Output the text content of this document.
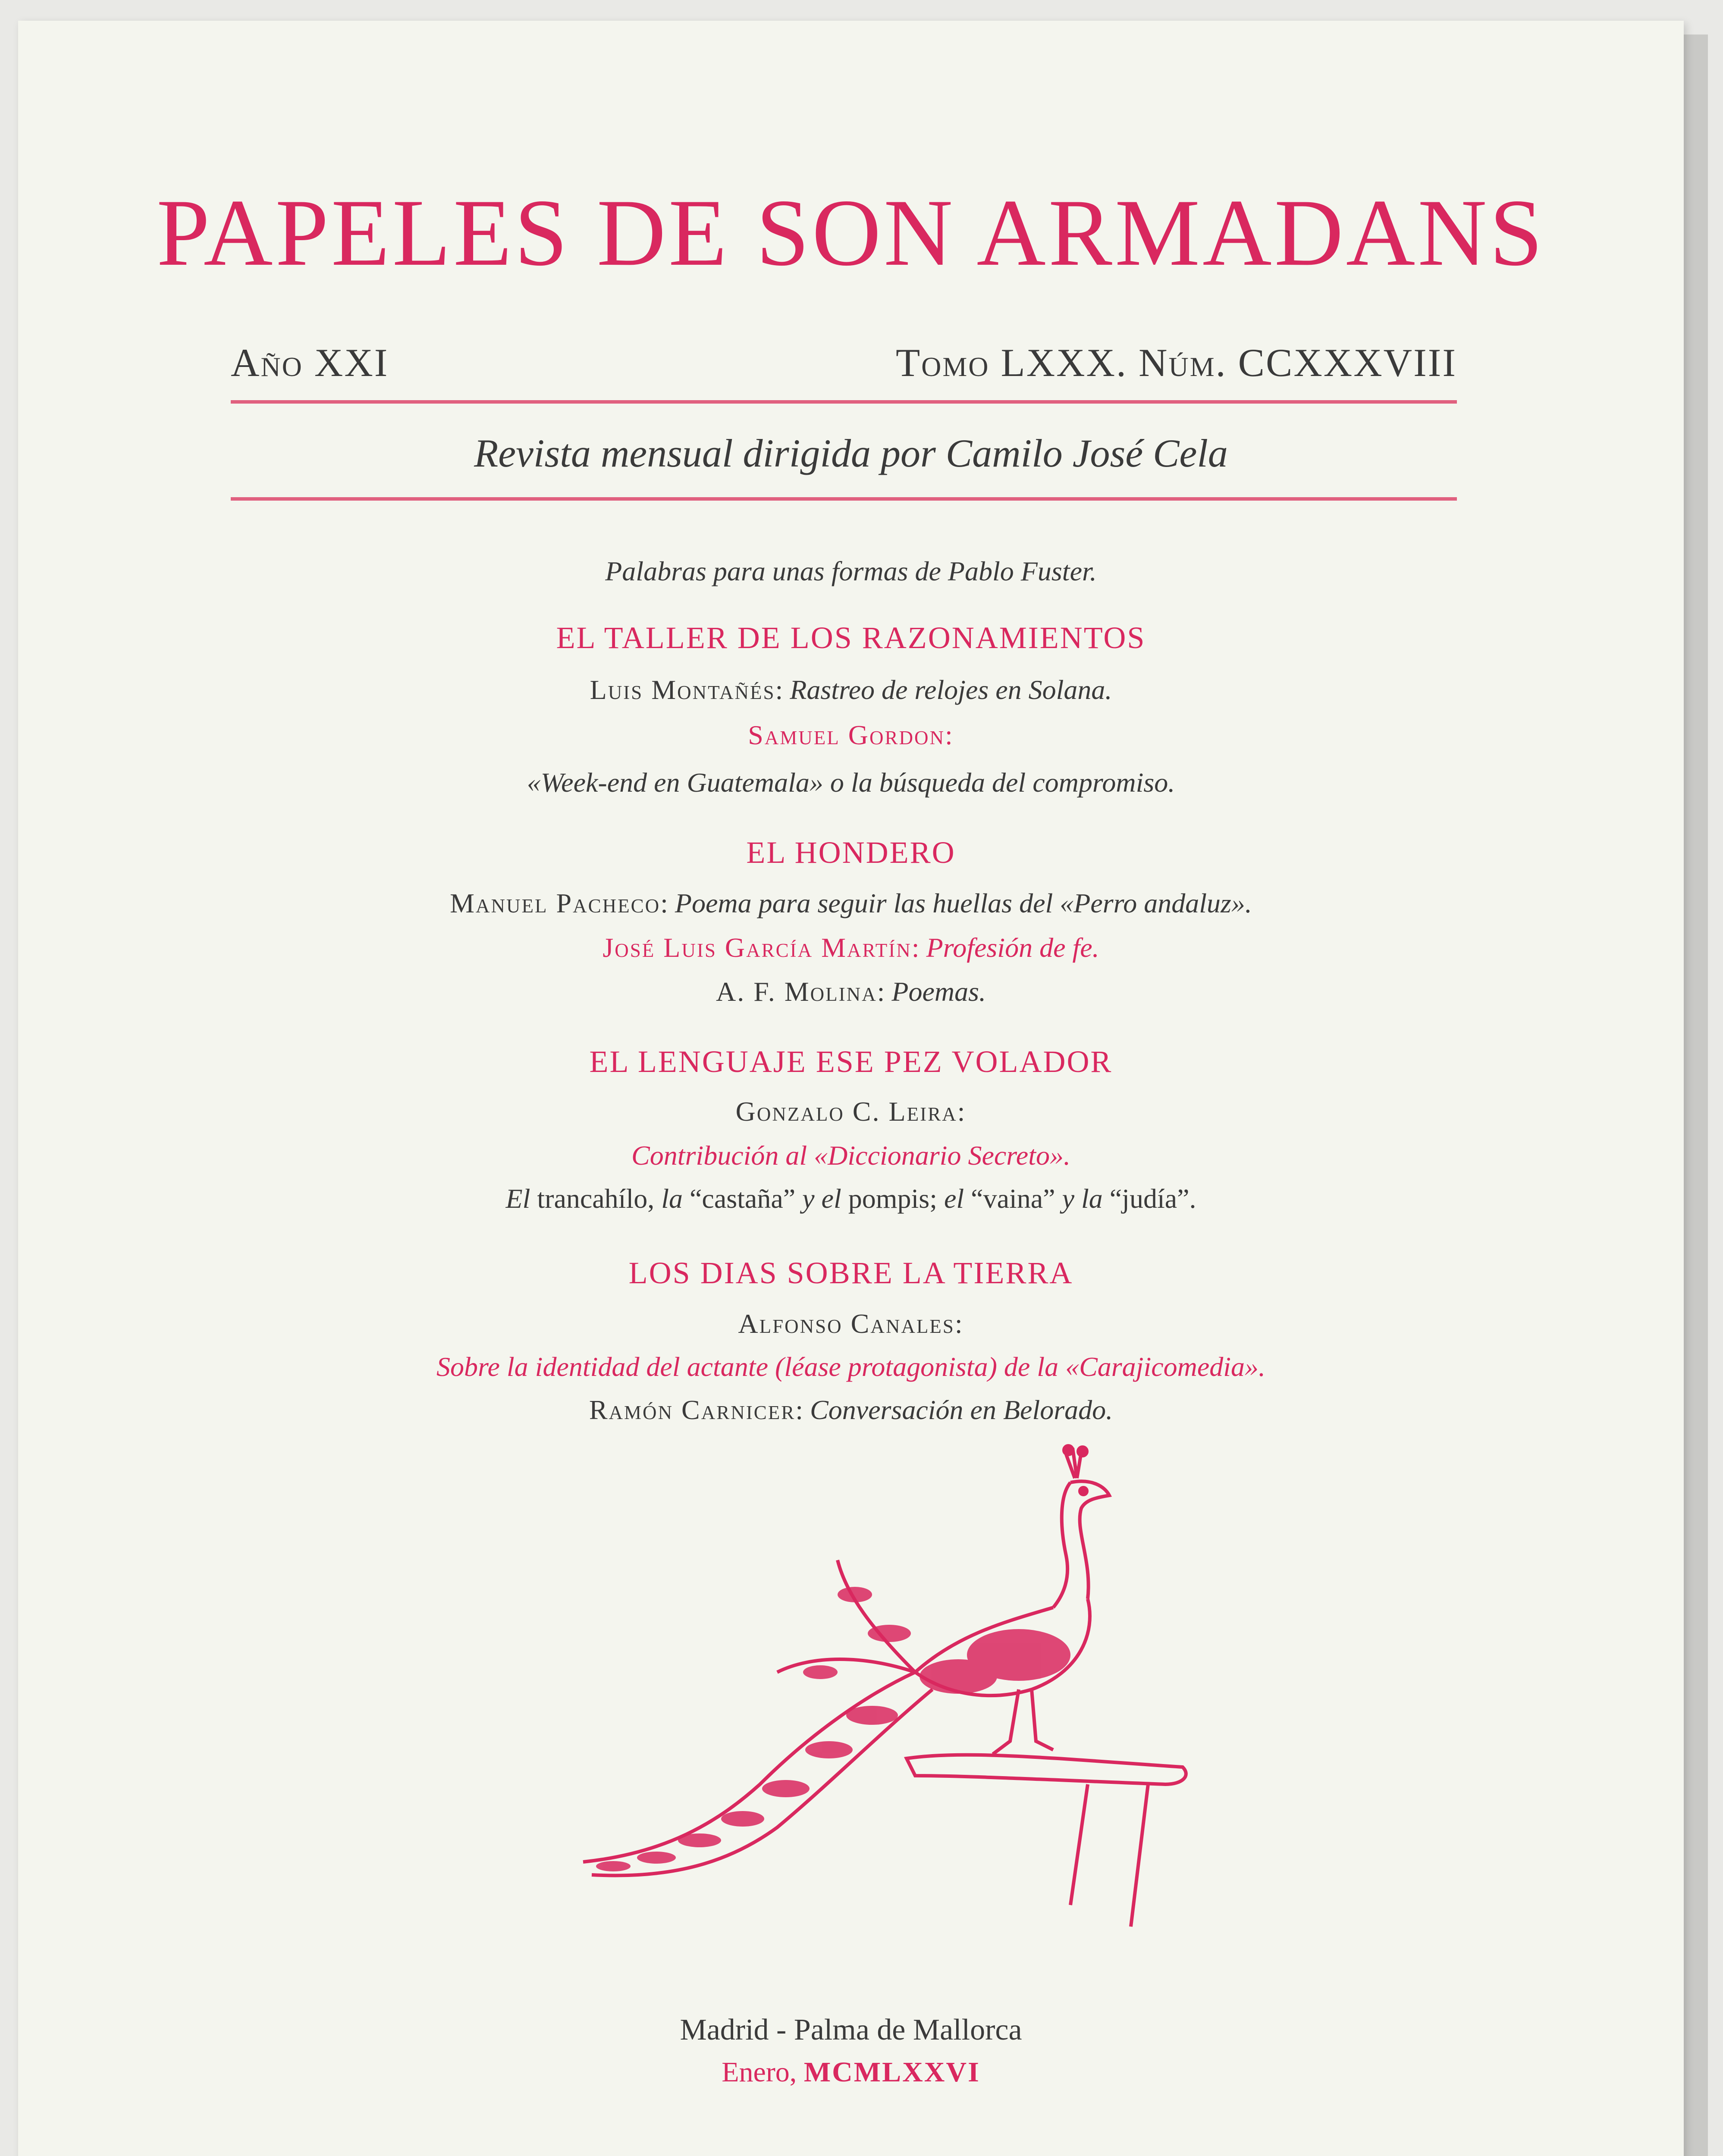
PAPELES DE SON ARMADANS
Año XXI	Tomo LXXX. Núm. CCXXXVIII
Revista mensual dirigida por Camilo José Cela
Palabras para unas formas de Pablo Fuster.
EL TALLER DE LOS RAZONAMIENTOS
Luis Montañés: Rastreo de relojes en Solana.
Samuel Gordon:
«Week-end en Guatemala» o la búsqueda del compromiso.
EL HONDERO
Manuel Pacheco: Poema para seguir las huellas del «Perro andaluz».
José Luis García Martín: Profesión de fe.
A. F. Molina: Poemas.
EL LENGUAJE ESE PEZ VOLADOR
Gonzalo C. Leira:
Contribución al «Diccionario Secreto».
El trancahílo, la “castaña” y el pompis; el “vaina” y la “judía”.
LOS DIAS SOBRE LA TIERRA
Alfonso Canales:
Sobre la identidad del actante (léase protagonista) de la «Carajicomedia».
Ramón Carnicer: Conversación en Belorado.
Madrid - Palma de Mallorca
Enero, MCMLXXVI
